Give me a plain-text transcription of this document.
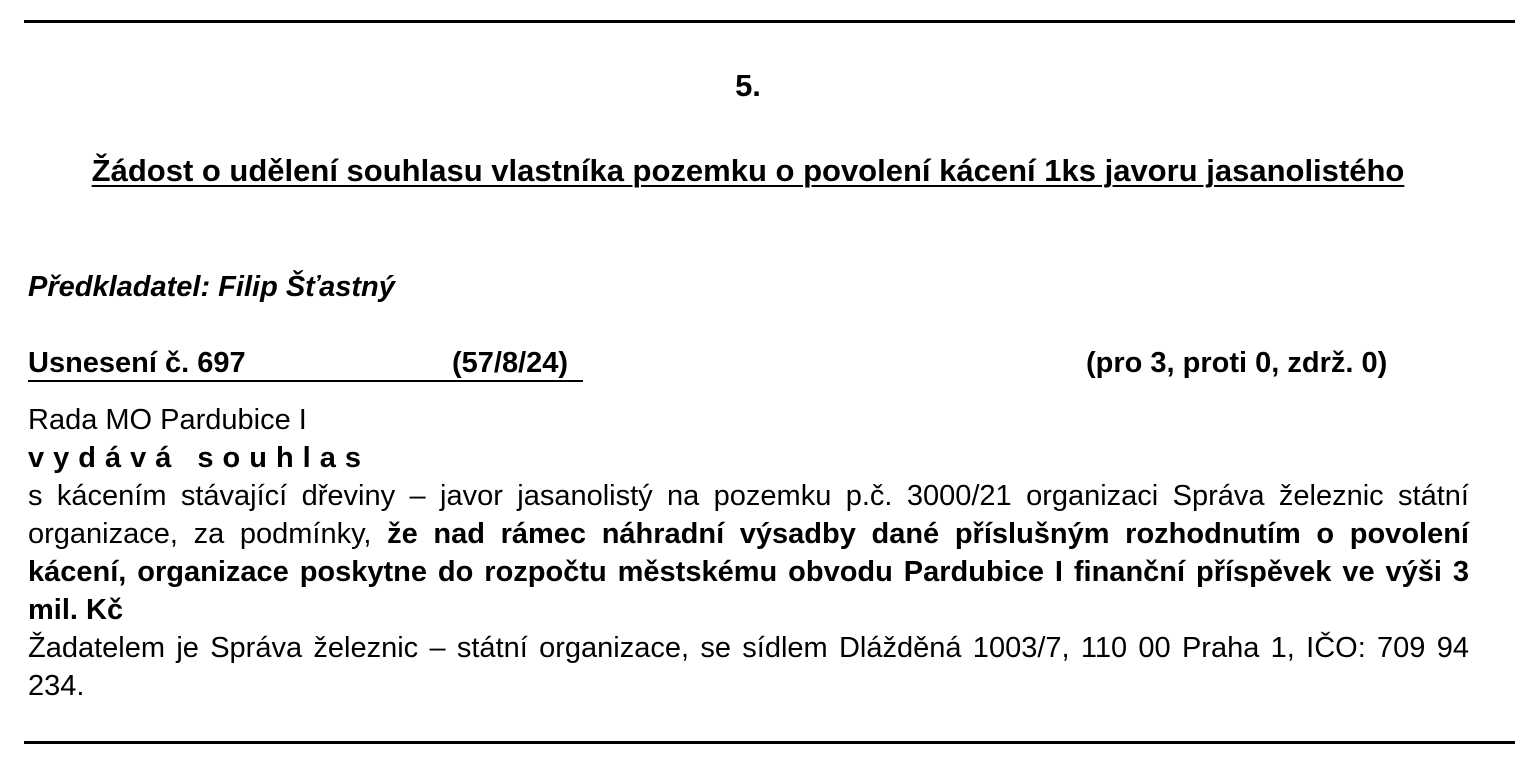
5.
Žádost o udělení souhlasu vlastníka pozemku o povolení kácení 1ks javoru jasanolistého
Předkladatel: Filip Šťastný
Usnesení č. 697	(57/8/24)	(pro 3, proti 0, zdrž. 0)

Rada MO Pardubice I

vydává souhlas

s kácením stávající dřeviny – javor jasanolistý na pozemku p.č. 3000/21 organizaci Správa železnic státní organizace, za podmínky, že nad rámec náhradní výsadby dané příslušným rozhodnutím o povolení kácení, organizace poskytne do rozpočtu městskému obvodu Pardubice I finanční příspěvek ve výši 3 mil. Kč

Žadatelem je Správa železnic – státní organizace, se sídlem Dlážděná 1003/7, 110 00 Praha 1, IČO: 709 94 234.
